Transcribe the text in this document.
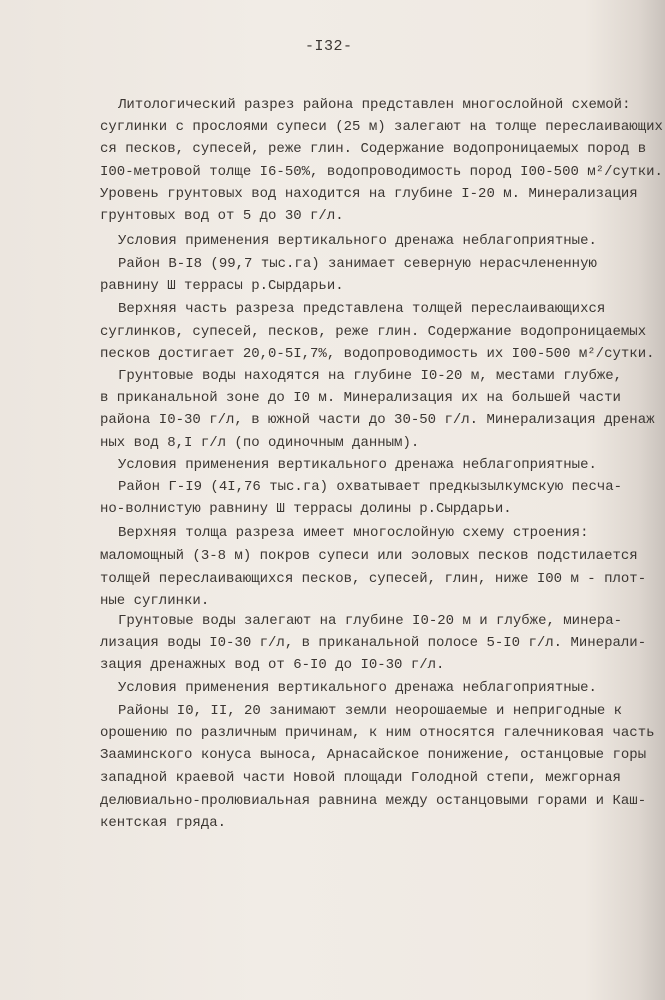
-I32-
Литологический разрез района представлен многослойной схемой:
суглинки с прослоями супеси (25 м) залегают на толще переслаивающих
ся песков, супесей, реже глин. Содержание водопроницаемых пород в
I00-метровой толще I6-50%, водопроводимость пород I00-500 м²/сутки.
Уровень грунтовых вод находится на глубине I-20 м. Минерализация
грунтовых вод от 5 до 30 г/л.
Условия применения вертикального дренажа неблагоприятные.
Район В-I8 (99,7 тыс.га) занимает северную нерасчлененную
равнину Ш террасы р.Сырдарьи.
Верхняя часть разреза представлена толщей переслаивающихся
суглинков, супесей, песков, реже глин. Содержание водопроницаемых
песков достигает 20,0-5I,7%, водопроводимость их I00-500 м²/сутки.
Грунтовые воды находятся на глубине I0-20 м, местами глубже,
в приканальной зоне до I0 м. Минерализация их на большей части
района I0-30 г/л, в южной части до 30-50 г/л. Минерализация дренаж
ных вод 8,I г/л (по одиночным данным).
Условия применения вертикального дренажа неблагоприятные.
Район Г-I9 (4I,76 тыс.га) охватывает предкызылкумскую песча-
но-волнистую равнину Ш террасы долины р.Сырдарьи.
Верхняя толща разреза имеет многослойную схему строения:
маломощный (3-8 м) покров супеси или эоловых песков подстилается
толщей переслаивающихся песков, супесей, глин, ниже I00 м - плот-
ные суглинки.
Грунтовые воды залегают на глубине I0-20 м и глубже, минера-
лизация воды I0-30 г/л, в приканальной полосе 5-I0 г/л. Минерали-
зация дренажных вод от 6-I0 до I0-30 г/л.
Условия применения вертикального дренажа неблагоприятные.
Районы I0, II, 20 занимают земли неорошаемые и непригодные к
орошению по различным причинам, к ним относятся галечниковая часть
Зааминского конуса выноса, Арнасайское понижение, останцовые горы
западной краевой части Новой площади Голодной степи, межгорная
делювиально-пролювиальная равнина между останцовыми горами и Каш-
кентская гряда.
